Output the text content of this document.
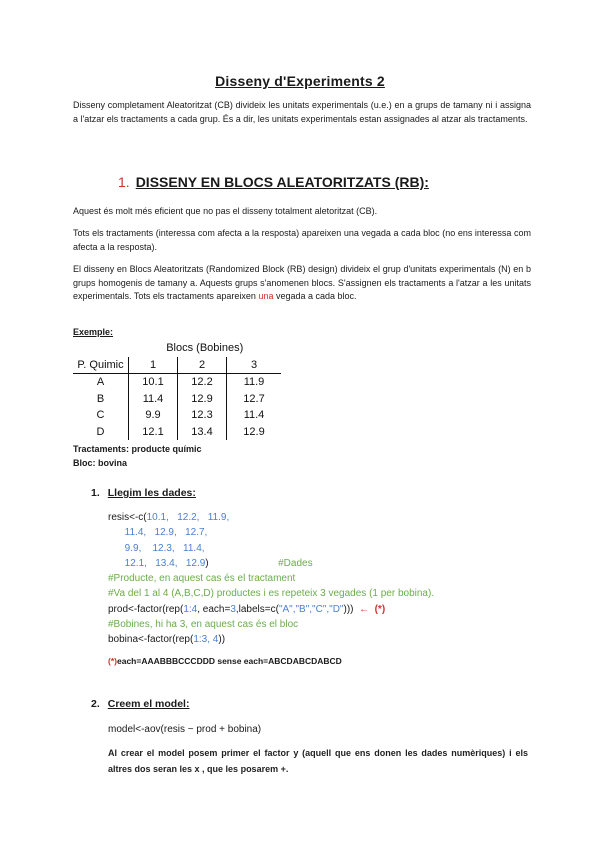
Disseny d'Experiments 2
Disseny completament Aleatoritzat (CB) divideix les unitats experimentals (u.e.) en a grups de tamany ni i assigna a l'atzar els tractaments a cada grup. És a dir, les unitats experimentals estan assignades al atzar als tractaments.
1. DISSENY EN BLOCS ALEATORITZATS (RB):
Aquest és molt més eficient que no pas el disseny totalment aletoritzat (CB).
Tots els tractaments (interessa com afecta a la resposta) apareixen una vegada a cada bloc (no ens interessa com afecta a la resposta).
El disseny en Blocs Aleatoritzats (Randomized Block (RB) design) divideix el grup d'unitats experimentals (N) en b grups homogenis de tamany a. Aquests grups s'anomenen blocs. S'assignen els tractaments a l'atzar a les unitats experimentals. Tots els tractaments apareixen una vegada a cada bloc.
Exemple:
	Blocs (Bobines)		
P. Quimic	1	2	3
A	10.1	12.2	11.9
B	11.4	12.9	12.7
C	9.9	12.3	11.4
D	12.1	13.4	12.9
Tractaments: producte químic
Bloc: bovina
1. Llegim les dades:
resis<-c(10.1,   12.2,   11.9,
11.4,   12.9,   12.7,
9.9,    12.3,   11.4,
12.1,   13.4,   12.9)	#Dades
#Producte, en aquest cas és el tractament
#Va del 1 al 4 (A,B,C,D) productes i es repeteix 3 vegades (1 per bobina).
prod<-factor(rep(1:4, each=3,labels=c("A","B","C","D")))  ←  (*)
#Bobines, hi ha 3, en aquest cas és el bloc
bobina<-factor(rep(1:3, 4))
(*)each=AAABBBCCCDDD sense each=ABCDABCDABCD
2. Creem el model:
model<-aov(resis ~ prod + bobina)
Al crear el model posem primer el factor y (aquell que ens donen les dades numèriques) i els altres dos seran les x , que les posarem +.
